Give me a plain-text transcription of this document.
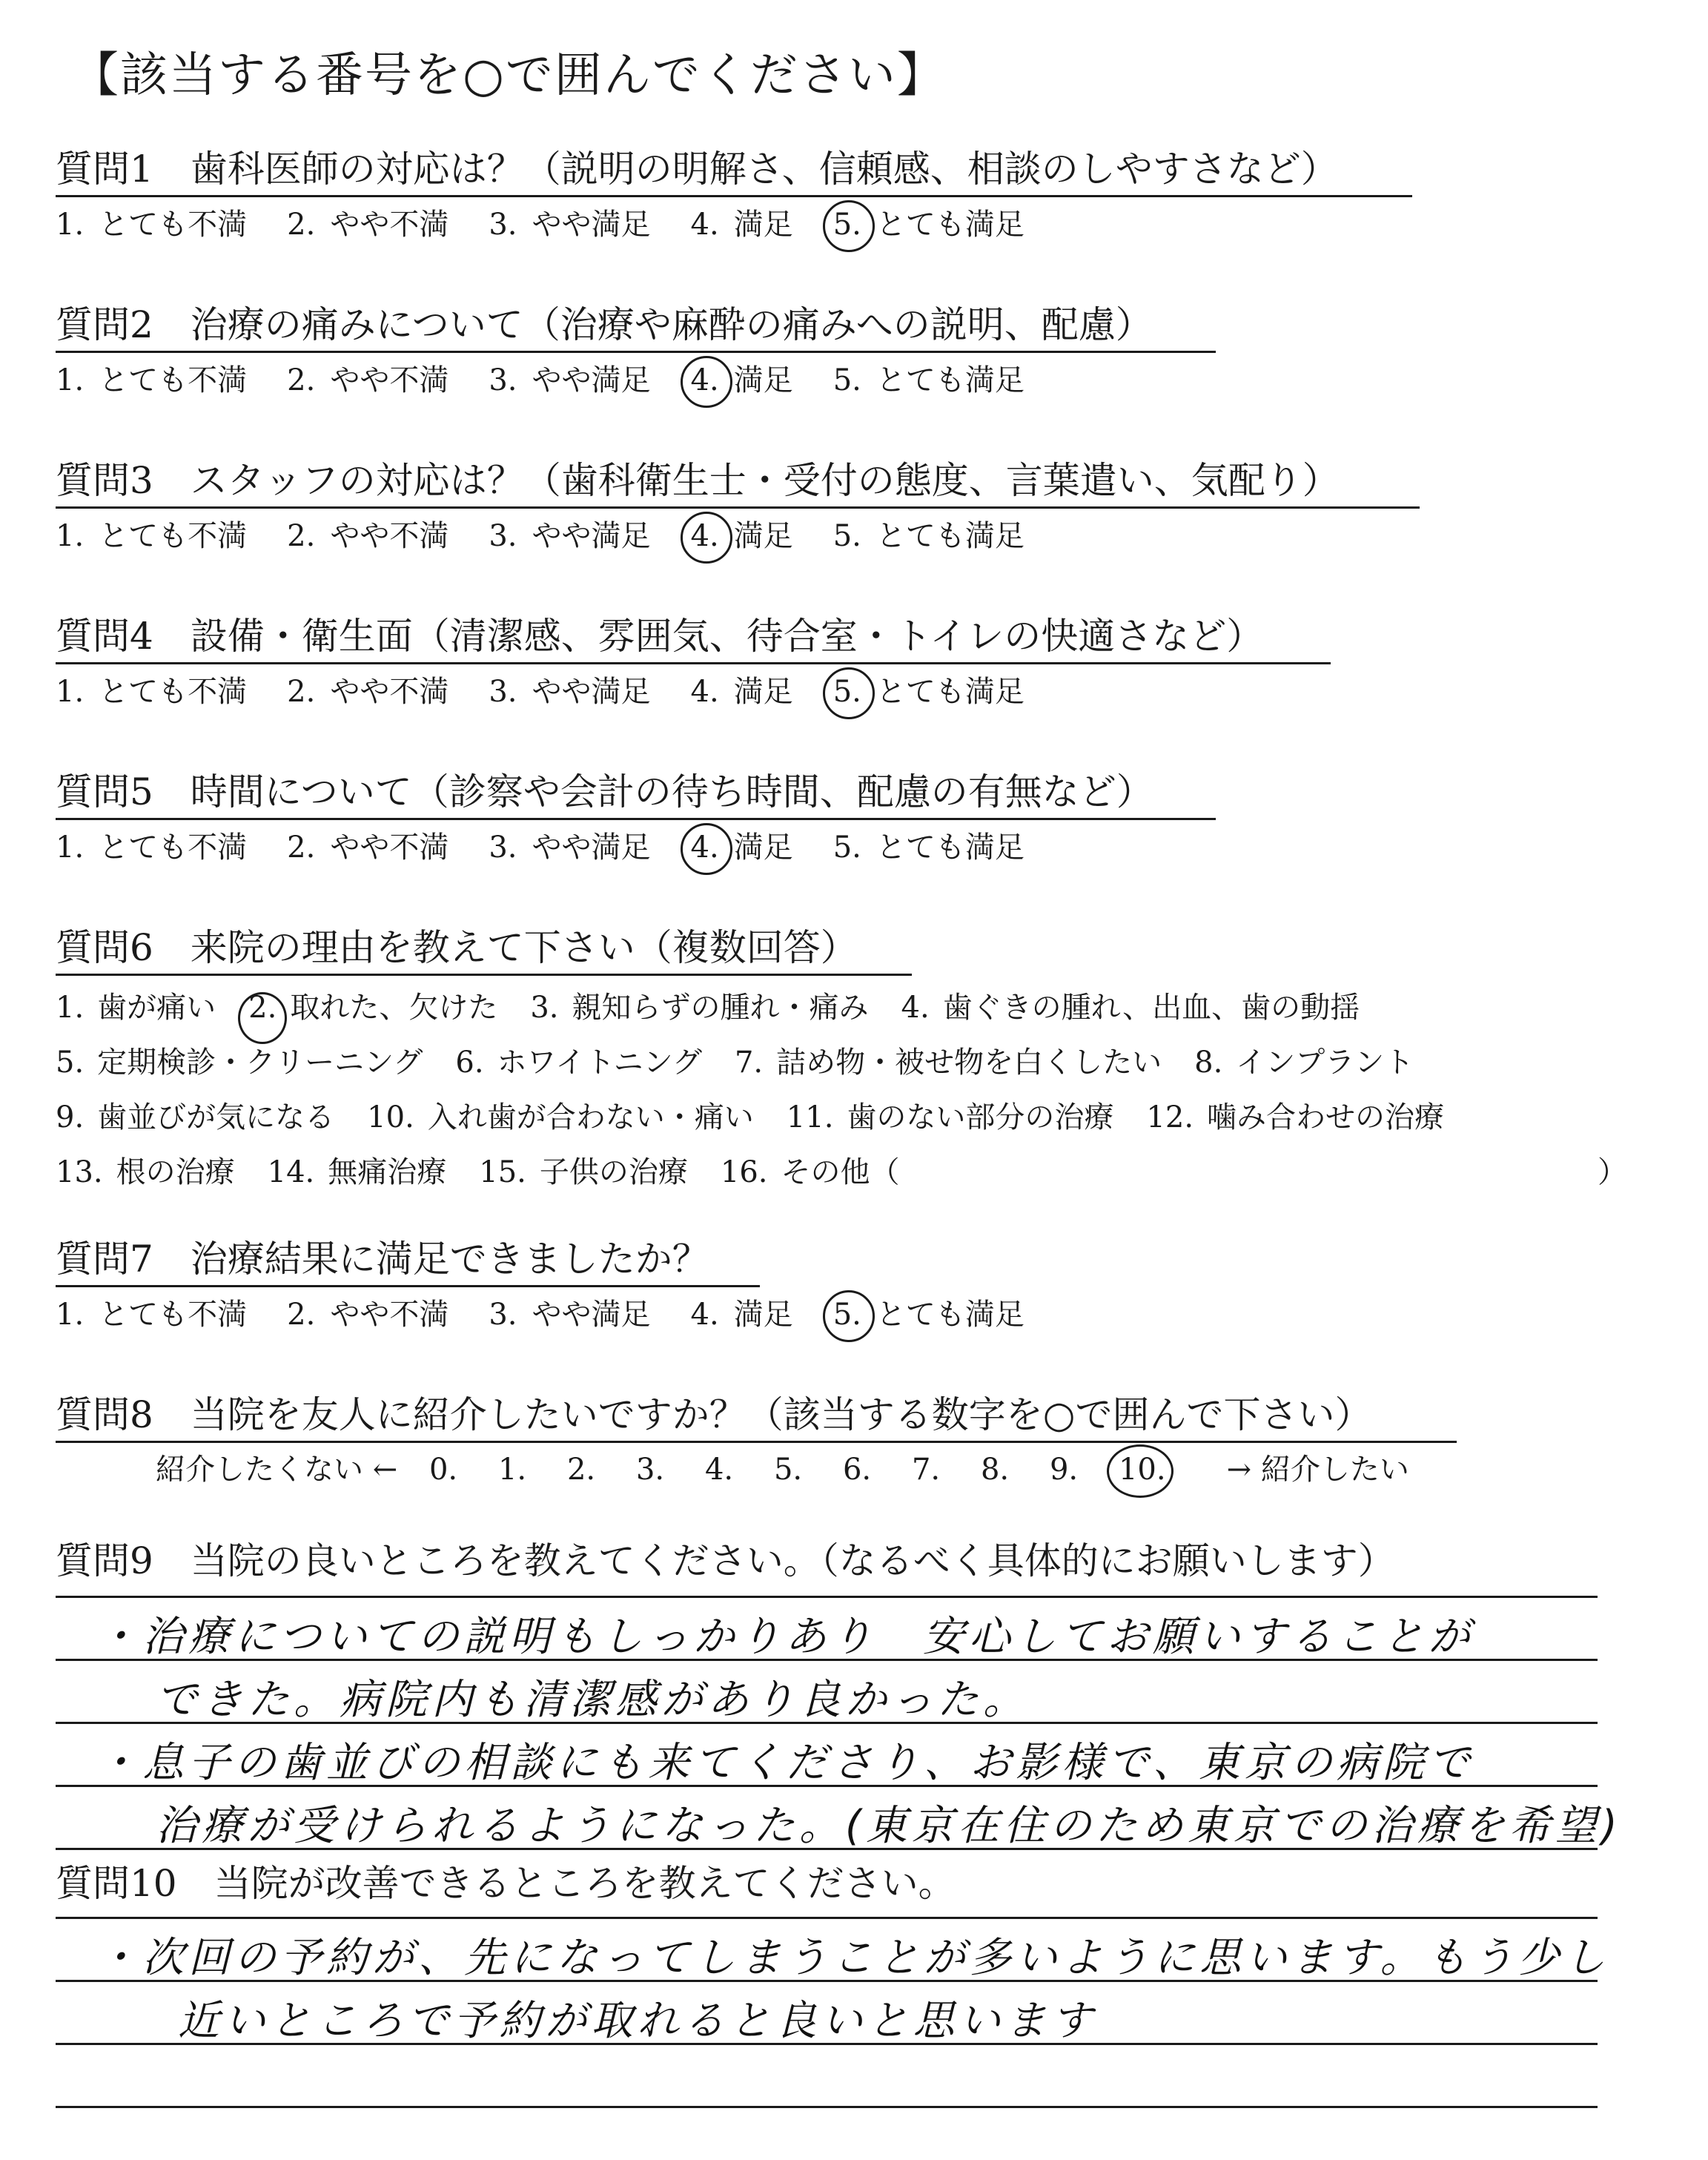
【該当する番号を○で囲んでください】
質問1　歯科医師の対応は？（説明の明解さ、信頼感、相談のしやすさなど）
1. とても不満 2. やや不満 3. やや満足 4. 満足 5. とても満足
質問2　治療の痛みについて（治療や麻酔の痛みへの説明、配慮）
1. とても不満 2. やや不満 3. やや満足 4. 満足 5. とても満足
質問3　スタッフの対応は？（歯科衛生士・受付の態度、言葉遣い、気配り）
1. とても不満 2. やや不満 3. やや満足 4. 満足 5. とても満足
質問4　設備・衛生面（清潔感、雰囲気、待合室・トイレの快適さなど）
1. とても不満 2. やや不満 3. やや満足 4. 満足 5. とても満足
質問5　時間について（診察や会計の待ち時間、配慮の有無など）
1. とても不満 2. やや不満 3. やや満足 4. 満足 5. とても満足
質問6　来院の理由を教えて下さい（複数回答）
1. 歯が痛い 2. 取れた、欠けた 3. 親知らずの腫れ・痛み 4. 歯ぐきの腫れ、出血、歯の動揺
5. 定期検診・クリーニング 6. ホワイトニング 7. 詰め物・被せ物を白くしたい 8. インプラント
9. 歯並びが気になる 10. 入れ歯が合わない・痛い 11. 歯のない部分の治療 12. 噛み合わせの治療
13. 根の治療 14. 無痛治療 15. 子供の治療 16. その他（	）
質問7　治療結果に満足できましたか？
1. とても不満 2. やや不満 3. やや満足 4. 満足 5. とても満足
質問8　当院を友人に紹介したいですか？（該当する数字を○で囲んで下さい）
紹介したくない ← 0. 1. 2. 3. 4. 5. 6. 7. 8. 9. 10. → 紹介したい
質問9　当院の良いところを教えてください。（なるべく具体的にお願いします）
・治療についての説明もしっかりあり　安心してお願いすることが
できた。病院内も清潔感があり良かった。
・息子の歯並びの相談にも来てくださり、お影様で、東京の病院で
治療が受けられるようになった。(東京在住のため東京での治療を希望)
質問10　当院が改善できるところを教えてください。
・次回の予約が、先になってしまうことが多いように思います。もう少し
近いところで予約が取れると良いと思います
